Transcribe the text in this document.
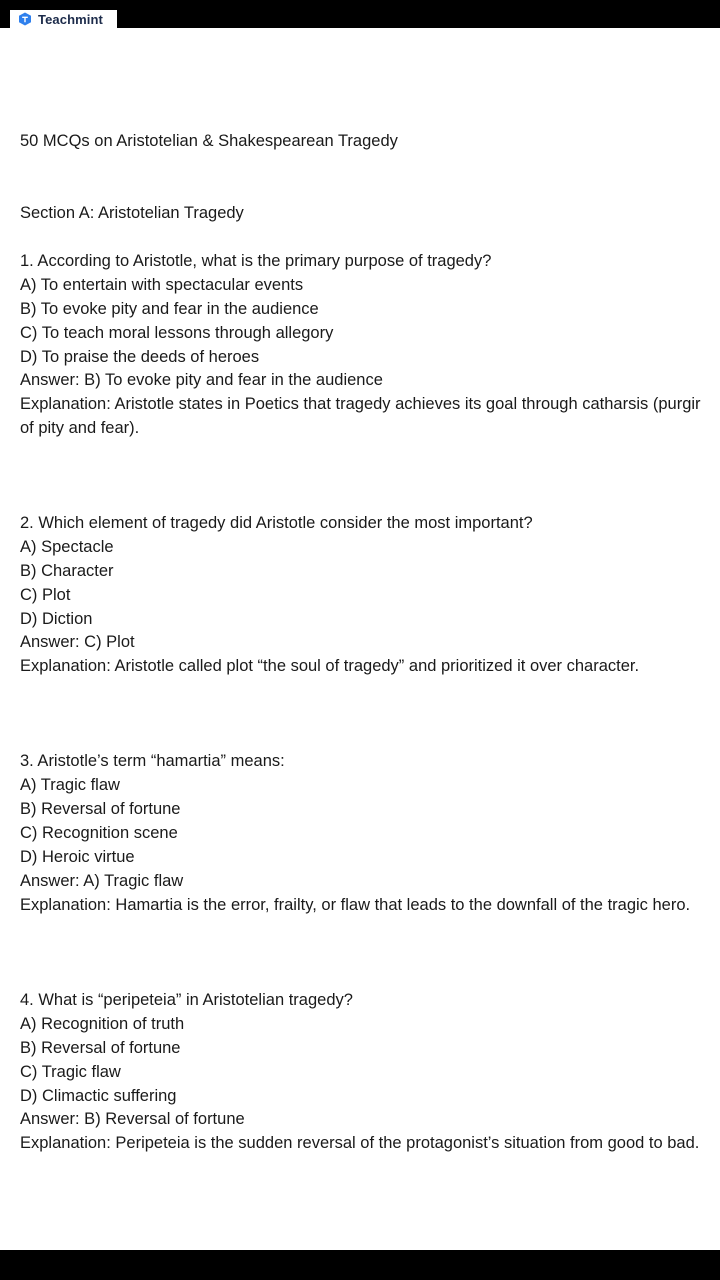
Teachmint
50 MCQs on Aristotelian & Shakespearean Tragedy
Section A: Aristotelian Tragedy
1. According to Aristotle, what is the primary purpose of tragedy?
A) To entertain with spectacular events
B) To evoke pity and fear in the audience
C) To teach moral lessons through allegory
D) To praise the deeds of heroes
Answer: B) To evoke pity and fear in the audience
Explanation: Aristotle states in Poetics that tragedy achieves its goal through catharsis (purgir
of pity and fear).
2. Which element of tragedy did Aristotle consider the most important?
A) Spectacle
B) Character
C) Plot
D) Diction
Answer: C) Plot
Explanation: Aristotle called plot “the soul of tragedy” and prioritized it over character.
3. Aristotle’s term “hamartia” means:
A) Tragic flaw
B) Reversal of fortune
C) Recognition scene
D) Heroic virtue
Answer: A) Tragic flaw
Explanation: Hamartia is the error, frailty, or flaw that leads to the downfall of the tragic hero.
4. What is “peripeteia” in Aristotelian tragedy?
A) Recognition of truth
B) Reversal of fortune
C) Tragic flaw
D) Climactic suffering
Answer: B) Reversal of fortune
Explanation: Peripeteia is the sudden reversal of the protagonist’s situation from good to bad.
